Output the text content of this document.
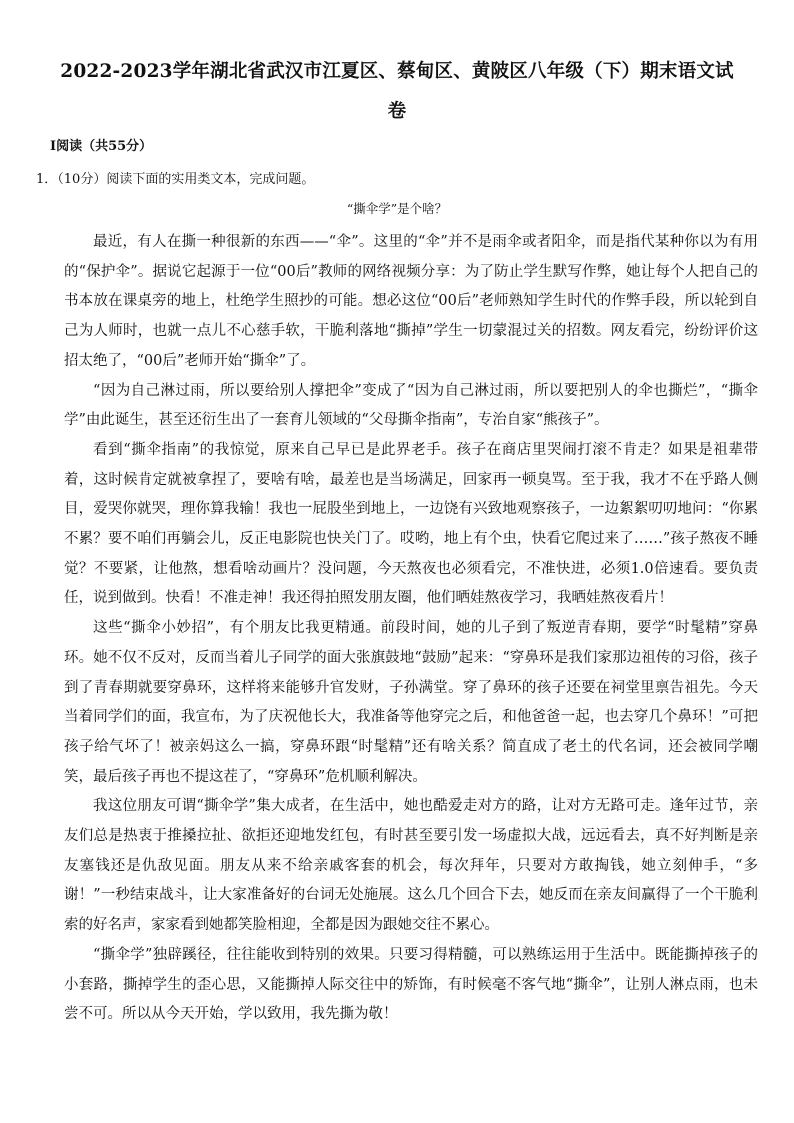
2022-2023学年湖北省武汉市江夏区、蔡甸区、黄陂区八年级（下）期末语文试
卷
Ⅰ阅读（共55分）
1．（10分）阅读下面的实用类文本，完成问题。
“撕伞学”是个啥？

最近，有人在撕一种很新的东西——“伞”。这里的“伞”并不是雨伞或者阳伞，而是指代某种你以为有用的“保护伞”。据说它起源于一位“00后”教师的网络视频分享：为了防止学生默写作弊，她让每个人把自己的书本放在课桌旁的地上，杜绝学生照抄的可能。想必这位“00后”老师熟知学生时代的作弊手段，所以轮到自己为人师时，也就一点儿不心慈手软，干脆利落地“撕掉”学生一切蒙混过关的招数。网友看完，纷纷评价这招太绝了，“00后”老师开始“撕伞”了。

“因为自己淋过雨，所以要给别人撑把伞”变成了“因为自己淋过雨，所以要把别人的伞也撕烂”，“撕伞学”由此诞生，甚至还衍生出了一套育儿领域的“父母撕伞指南”，专治自家“熊孩子”。

看到“撕伞指南”的我惊觉，原来自己早已是此界老手。孩子在商店里哭闹打滚不肯走？如果是祖辈带着，这时候肯定就被拿捏了，要啥有啥，最差也是当场满足，回家再一顿臭骂。至于我，我才不在乎路人侧目，爱哭你就哭，理你算我输！我也一屁股坐到地上，一边饶有兴致地观察孩子，一边絮絮叨叨地问：“你累不累？要不咱们再躺会儿，反正电影院也快关门了。哎哟，地上有个虫，快看它爬过来了……”孩子熬夜不睡觉？不要紧，让他熬，想看啥动画片？没问题，今天熬夜也必须看完，不准快进，必须1.0倍速看。要负责任，说到做到。快看！不准走神！我还得拍照发朋友圈，他们晒娃熬夜学习，我晒娃熬夜看片！

这些“撕伞小妙招”，有个朋友比我更精通。前段时间，她的儿子到了叛逆青春期，要学“时髦精”穿鼻环。她不仅不反对，反而当着儿子同学的面大张旗鼓地“鼓励”起来：“穿鼻环是我们家那边祖传的习俗，孩子到了青春期就要穿鼻环，这样将来能够升官发财，子孙满堂。穿了鼻环的孩子还要在祠堂里禀告祖先。今天当着同学们的面，我宣布，为了庆祝他长大，我准备等他穿完之后，和他爸爸一起，也去穿几个鼻环！”可把孩子给气坏了！被亲妈这么一搞，穿鼻环跟“时髦精”还有啥关系？简直成了老土的代名词，还会被同学嘲笑，最后孩子再也不提这茬了，“穿鼻环”危机顺利解决。

我这位朋友可谓“撕伞学”集大成者，在生活中，她也酷爱走对方的路，让对方无路可走。逢年过节，亲友们总是热衷于推搡拉扯、欲拒还迎地发红包，有时甚至要引发一场虚拟大战，远远看去，真不好判断是亲友塞钱还是仇敌见面。朋友从来不给亲戚客套的机会，每次拜年，只要对方敢掏钱，她立刻伸手，“多谢！”一秒结束战斗，让大家准备好的台词无处施展。这么几个回合下去，她反而在亲友间赢得了一个干脆利索的好名声，家家看到她都笑脸相迎，全都是因为跟她交往不累心。

“撕伞学”独辟蹊径，往往能收到特别的效果。只要习得精髓，可以熟练运用于生活中。既能撕掉孩子的小套路，撕掉学生的歪心思，又能撕掉人际交往中的矫饰，有时候毫不客气地“撕伞”，让别人淋点雨，也未尝不可。所以从今天开始，学以致用，我先撕为敬！
